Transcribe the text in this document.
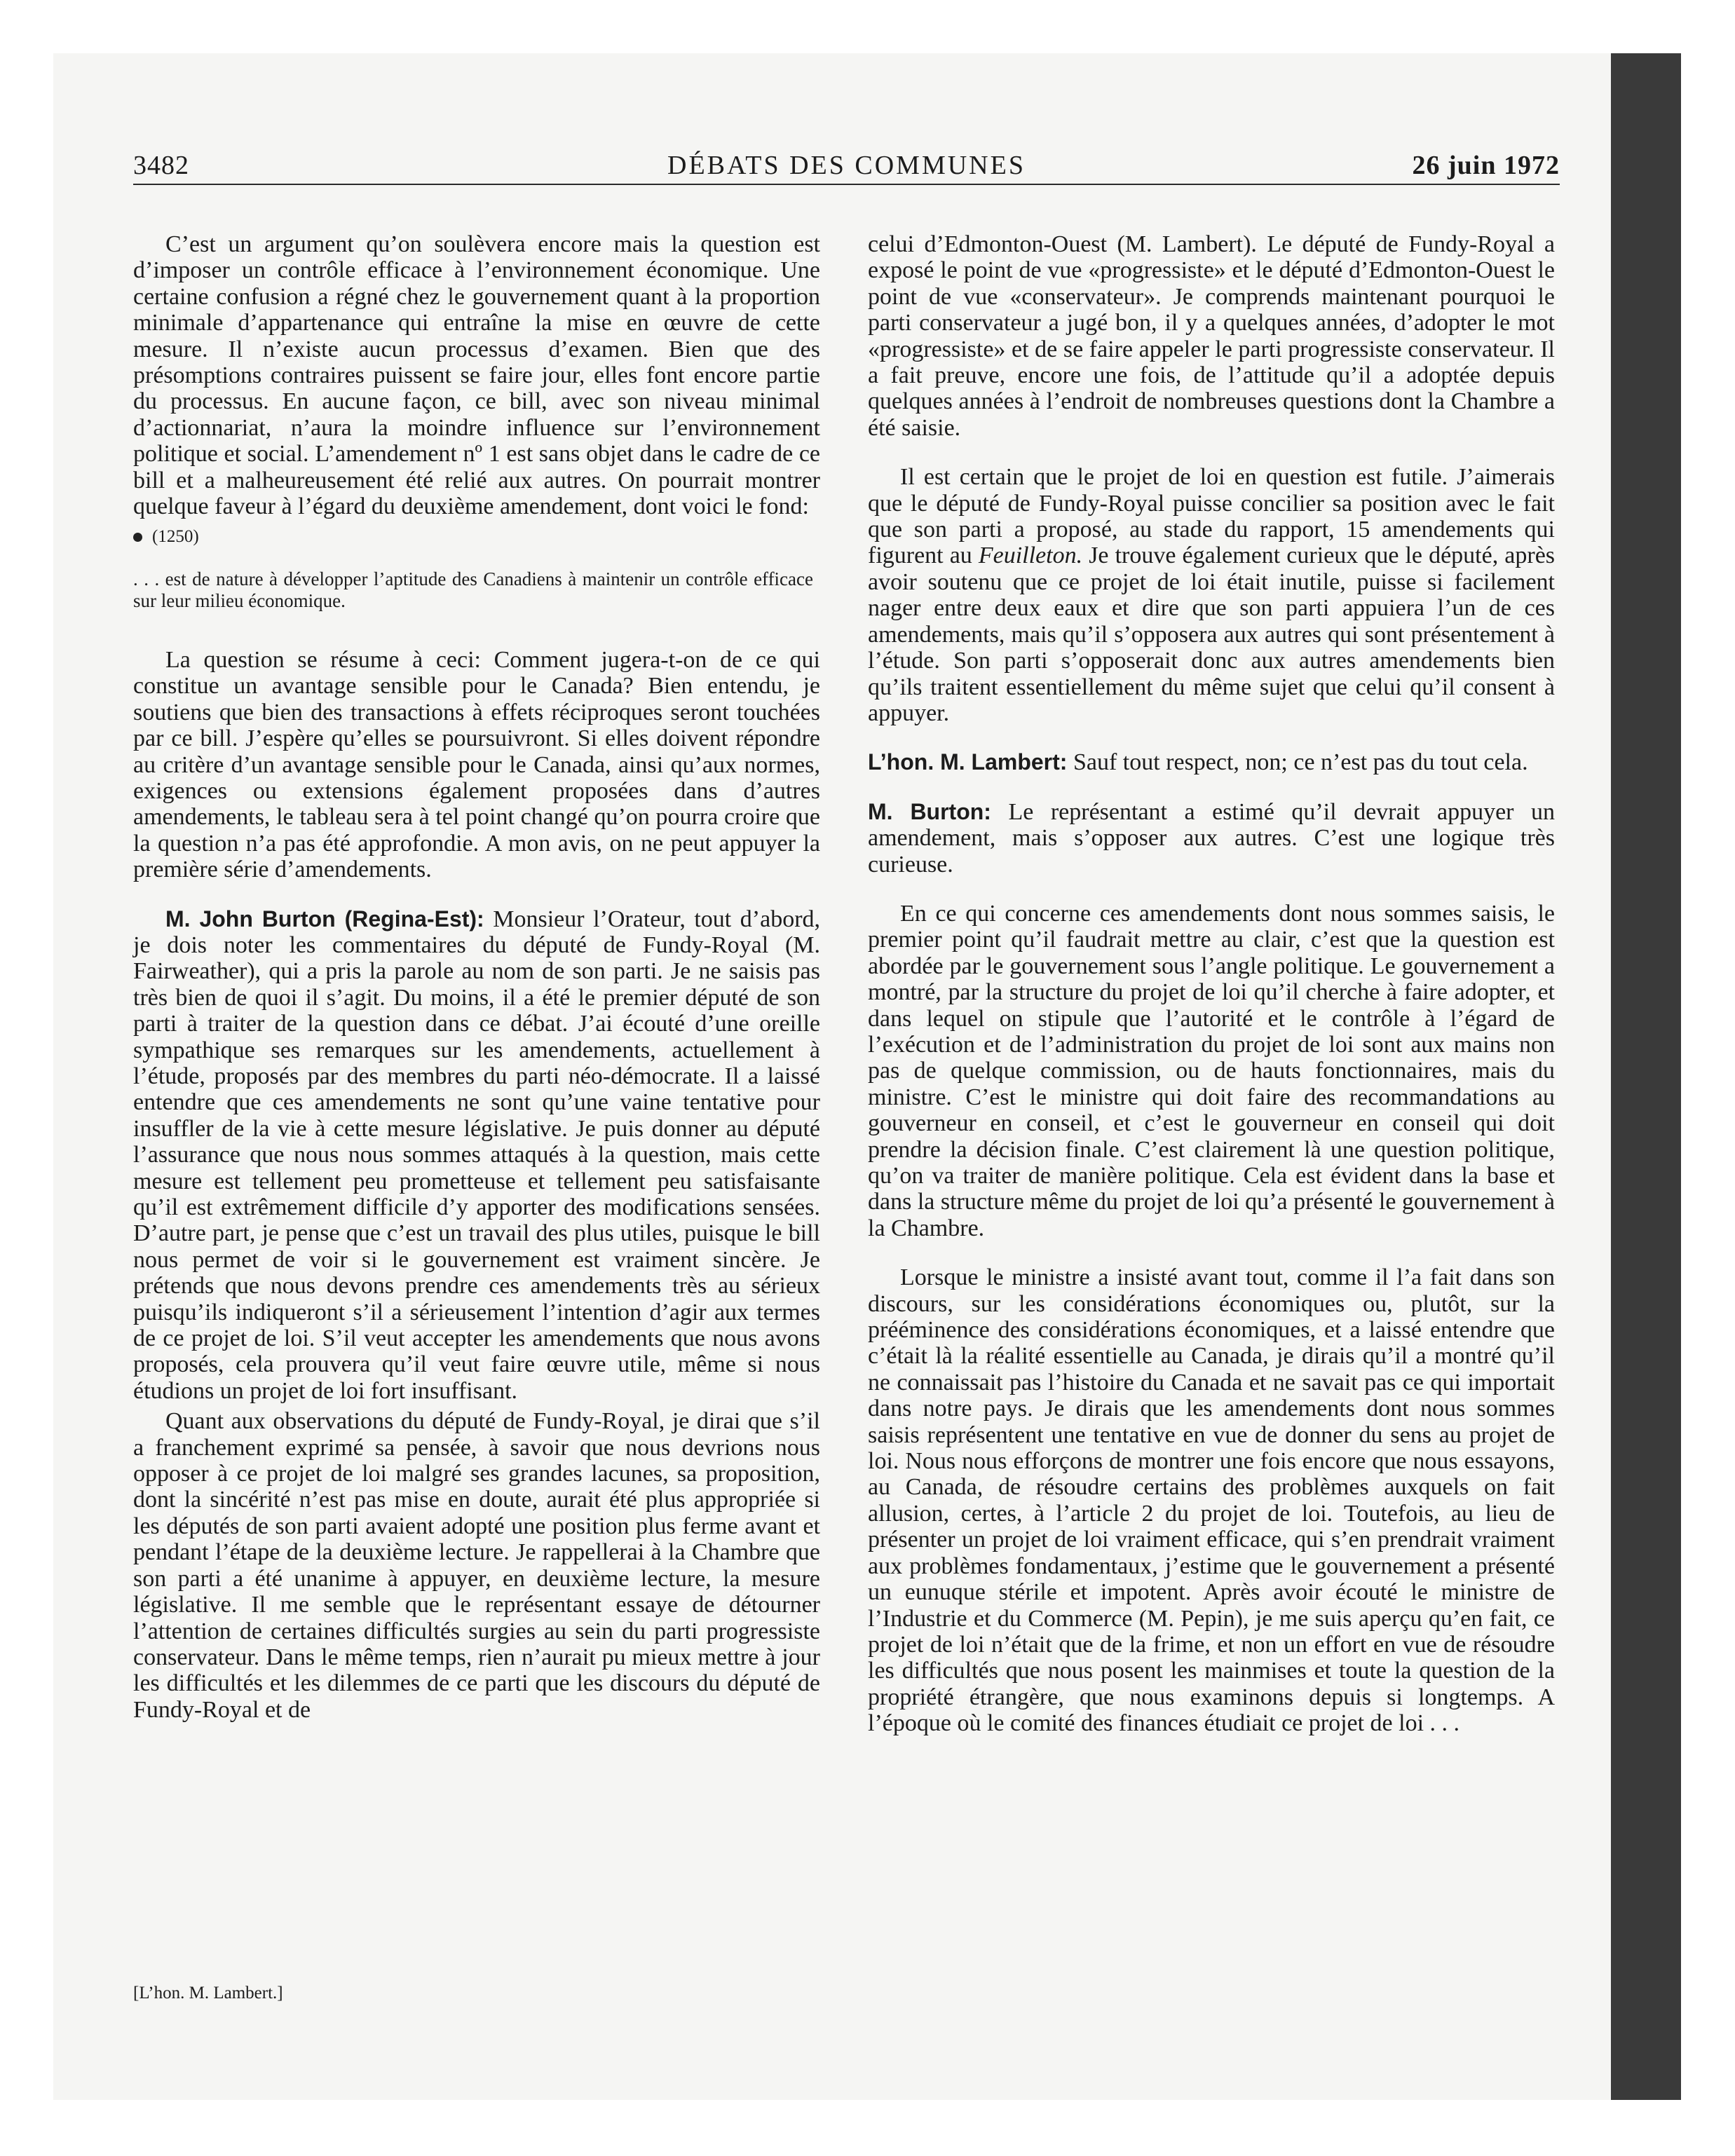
3482	DÉBATS DES COMMUNES	26 juin 1972

C’est un argument qu’on soulèvera encore mais la question est d’imposer un contrôle efficace à l’environnement économique. Une certaine confusion a régné chez le gouvernement quant à la proportion minimale d’appartenance qui entraîne la mise en œuvre de cette mesure. Il n’existe aucun processus d’examen. Bien que des présomptions contraires puissent se faire jour, elles font encore partie du processus. En aucune façon, ce bill, avec son niveau minimal d’actionnariat, n’aura la moindre influence sur l’environnement politique et social. L’amendement nº 1 est sans objet dans le cadre de ce bill et a malheureusement été relié aux autres. On pourrait montrer quelque faveur à l’égard du deuxième amendement, dont voici le fond:

(1250)
. . . est de nature à développer l’aptitude des Canadiens à maintenir un contrôle efficace sur leur milieu économique.

La question se résume à ceci: Comment jugera-t-on de ce qui constitue un avantage sensible pour le Canada? Bien entendu, je soutiens que bien des transactions à effets réciproques seront touchées par ce bill. J’espère qu’elles se poursuivront. Si elles doivent répondre au critère d’un avantage sensible pour le Canada, ainsi qu’aux normes, exigences ou extensions également proposées dans d’autres amendements, le tableau sera à tel point changé qu’on pourra croire que la question n’a pas été approfondie. A mon avis, on ne peut appuyer la première série d’amendements.

M. John Burton (Regina-Est): Monsieur l’Orateur, tout d’abord, je dois noter les commentaires du député de Fundy-Royal (M. Fairweather), qui a pris la parole au nom de son parti. Je ne saisis pas très bien de quoi il s’agit. Du moins, il a été le premier député de son parti à traiter de la question dans ce débat. J’ai écouté d’une oreille sympathique ses remarques sur les amendements, actuellement à l’étude, proposés par des membres du parti néo-démocrate. Il a laissé entendre que ces amendements ne sont qu’une vaine tentative pour insuffler de la vie à cette mesure législative. Je puis donner au député l’assurance que nous nous sommes attaqués à la question, mais cette mesure est tellement peu prometteuse et tellement peu satisfaisante qu’il est extrêmement difficile d’y apporter des modifications sensées. D’autre part, je pense que c’est un travail des plus utiles, puisque le bill nous permet de voir si le gouvernement est vraiment sincère. Je prétends que nous devons prendre ces amendements très au sérieux puisqu’ils indiqueront s’il a sérieusement l’intention d’agir aux termes de ce projet de loi. S’il veut accepter les amendements que nous avons proposés, cela prouvera qu’il veut faire œuvre utile, même si nous étudions un projet de loi fort insuffisant.

Quant aux observations du député de Fundy-Royal, je dirai que s’il a franchement exprimé sa pensée, à savoir que nous devrions nous opposer à ce projet de loi malgré ses grandes lacunes, sa proposition, dont la sincérité n’est pas mise en doute, aurait été plus appropriée si les députés de son parti avaient adopté une position plus ferme avant et pendant l’étape de la deuxième lecture. Je rappellerai à la Chambre que son parti a été unanime à appuyer, en deuxième lecture, la mesure législative. Il me semble que le représentant essaye de détourner l’attention de certaines difficultés surgies au sein du parti progressiste conservateur. Dans le même temps, rien n’aurait pu mieux mettre à jour les difficultés et les dilemmes de ce parti que les discours du député de Fundy-Royal et de

celui d’Edmonton-Ouest (M. Lambert). Le député de Fundy-Royal a exposé le point de vue «progressiste» et le député d’Edmonton-Ouest le point de vue «conservateur». Je comprends maintenant pourquoi le parti conservateur a jugé bon, il y a quelques années, d’adopter le mot «progressiste» et de se faire appeler le parti progressiste conservateur. Il a fait preuve, encore une fois, de l’attitude qu’il a adoptée depuis quelques années à l’endroit de nombreuses questions dont la Chambre a été saisie.

Il est certain que le projet de loi en question est futile. J’aimerais que le député de Fundy-Royal puisse concilier sa position avec le fait que son parti a proposé, au stade du rapport, 15 amendements qui figurent au Feuilleton. Je trouve également curieux que le député, après avoir soutenu que ce projet de loi était inutile, puisse si facilement nager entre deux eaux et dire que son parti appuiera l’un de ces amendements, mais qu’il s’opposera aux autres qui sont présentement à l’étude. Son parti s’opposerait donc aux autres amendements bien qu’ils traitent essentiellement du même sujet que celui qu’il consent à appuyer.

L’hon. M. Lambert: Sauf tout respect, non; ce n’est pas du tout cela.

M. Burton: Le représentant a estimé qu’il devrait appuyer un amendement, mais s’opposer aux autres. C’est une logique très curieuse.

En ce qui concerne ces amendements dont nous sommes saisis, le premier point qu’il faudrait mettre au clair, c’est que la question est abordée par le gouvernement sous l’angle politique. Le gouvernement a montré, par la structure du projet de loi qu’il cherche à faire adopter, et dans lequel on stipule que l’autorité et le contrôle à l’égard de l’exécution et de l’administration du projet de loi sont aux mains non pas de quelque commission, ou de hauts fonctionnaires, mais du ministre. C’est le ministre qui doit faire des recommandations au gouverneur en conseil, et c’est le gouverneur en conseil qui doit prendre la décision finale. C’est clairement là une question politique, qu’on va traiter de manière politique. Cela est évident dans la base et dans la structure même du projet de loi qu’a présenté le gouvernement à la Chambre.

Lorsque le ministre a insisté avant tout, comme il l’a fait dans son discours, sur les considérations économiques ou, plutôt, sur la prééminence des considérations économiques, et a laissé entendre que c’était là la réalité essentielle au Canada, je dirais qu’il a montré qu’il ne connaissait pas l’histoire du Canada et ne savait pas ce qui importait dans notre pays. Je dirais que les amendements dont nous sommes saisis représentent une tentative en vue de donner du sens au projet de loi. Nous nous efforçons de montrer une fois encore que nous essayons, au Canada, de résoudre certains des problèmes auxquels on fait allusion, certes, à l’article 2 du projet de loi. Toutefois, au lieu de présenter un projet de loi vraiment efficace, qui s’en prendrait vraiment aux problèmes fondamentaux, j’estime que le gouvernement a présenté un eunuque stérile et impotent. Après avoir écouté le ministre de l’Industrie et du Commerce (M. Pepin), je me suis aperçu qu’en fait, ce projet de loi n’était que de la frime, et non un effort en vue de résoudre les difficultés que nous posent les mainmises et toute la question de la propriété étrangère, que nous examinons depuis si longtemps. A l’époque où le comité des finances étudiait ce projet de loi . . .

[L’hon. M. Lambert.]
